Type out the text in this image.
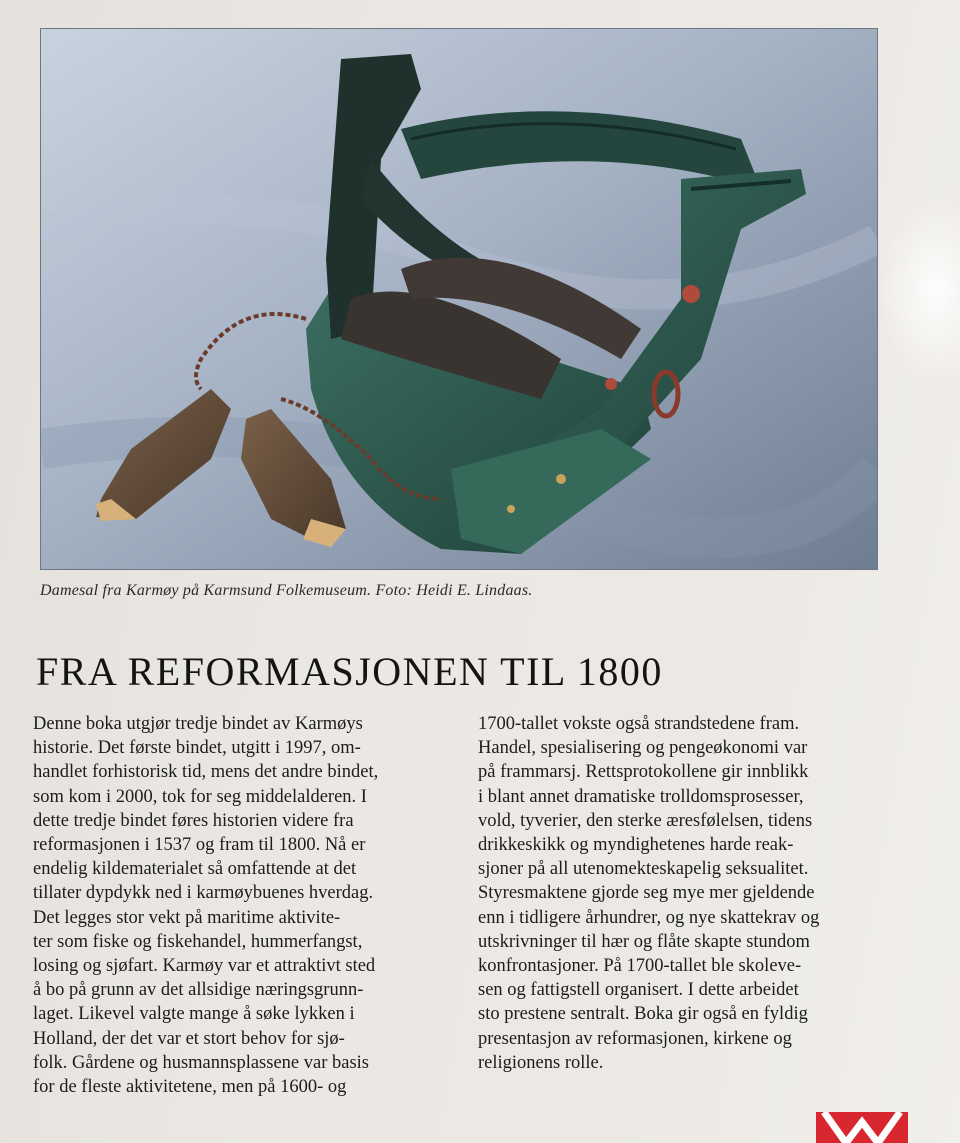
Damesal fra Karmøy på Karmsund Folkemuseum. Foto: Heidi E. Lindaas.
FRA REFORMASJONEN TIL 1800
Denne boka utgjør tredje bindet av Karmøys
historie. Det første bindet, utgitt i 1997, om-
handlet forhistorisk tid, mens det andre bindet,
som kom i 2000, tok for seg middelalderen. I
dette tredje bindet føres historien videre fra
reformasjonen i 1537 og fram til 1800. Nå er
endelig kildematerialet så omfattende at det
tillater dypdykk ned i karmøybuenes hverdag.
Det legges stor vekt på maritime aktivite-
ter som fiske og fiskehandel, hummerfangst,
losing og sjøfart. Karmøy var et attraktivt sted
å bo på grunn av det allsidige næringsgrunn-
laget. Likevel valgte mange å søke lykken i
Holland, der det var et stort behov for sjø-
folk. Gårdene og husmannsplassene var basis
for de fleste aktivitetene, men på 1600- og
1700-tallet vokste også strandstedene fram.
Handel, spesialisering og pengeøkonomi var
på frammarsj. Rettsprotokollene gir innblikk
i blant annet dramatiske trolldomsprosesser,
vold, tyverier, den sterke æresfølelsen, tidens
drikkeskikk og myndighetenes harde reak-
sjoner på all utenomekteskapelig seksualitet.
Styresmaktene gjorde seg mye mer gjeldende
enn i tidligere århundrer, og nye skattekrav og
utskrivninger til hær og flåte skapte stundom
konfrontasjoner. På 1700-tallet ble skoleve-
sen og fattigstell organisert. I dette arbeidet
sto prestene sentralt. Boka gir også en fyldig
presentasjon av reformasjonen, kirkene og
religionens rolle.
